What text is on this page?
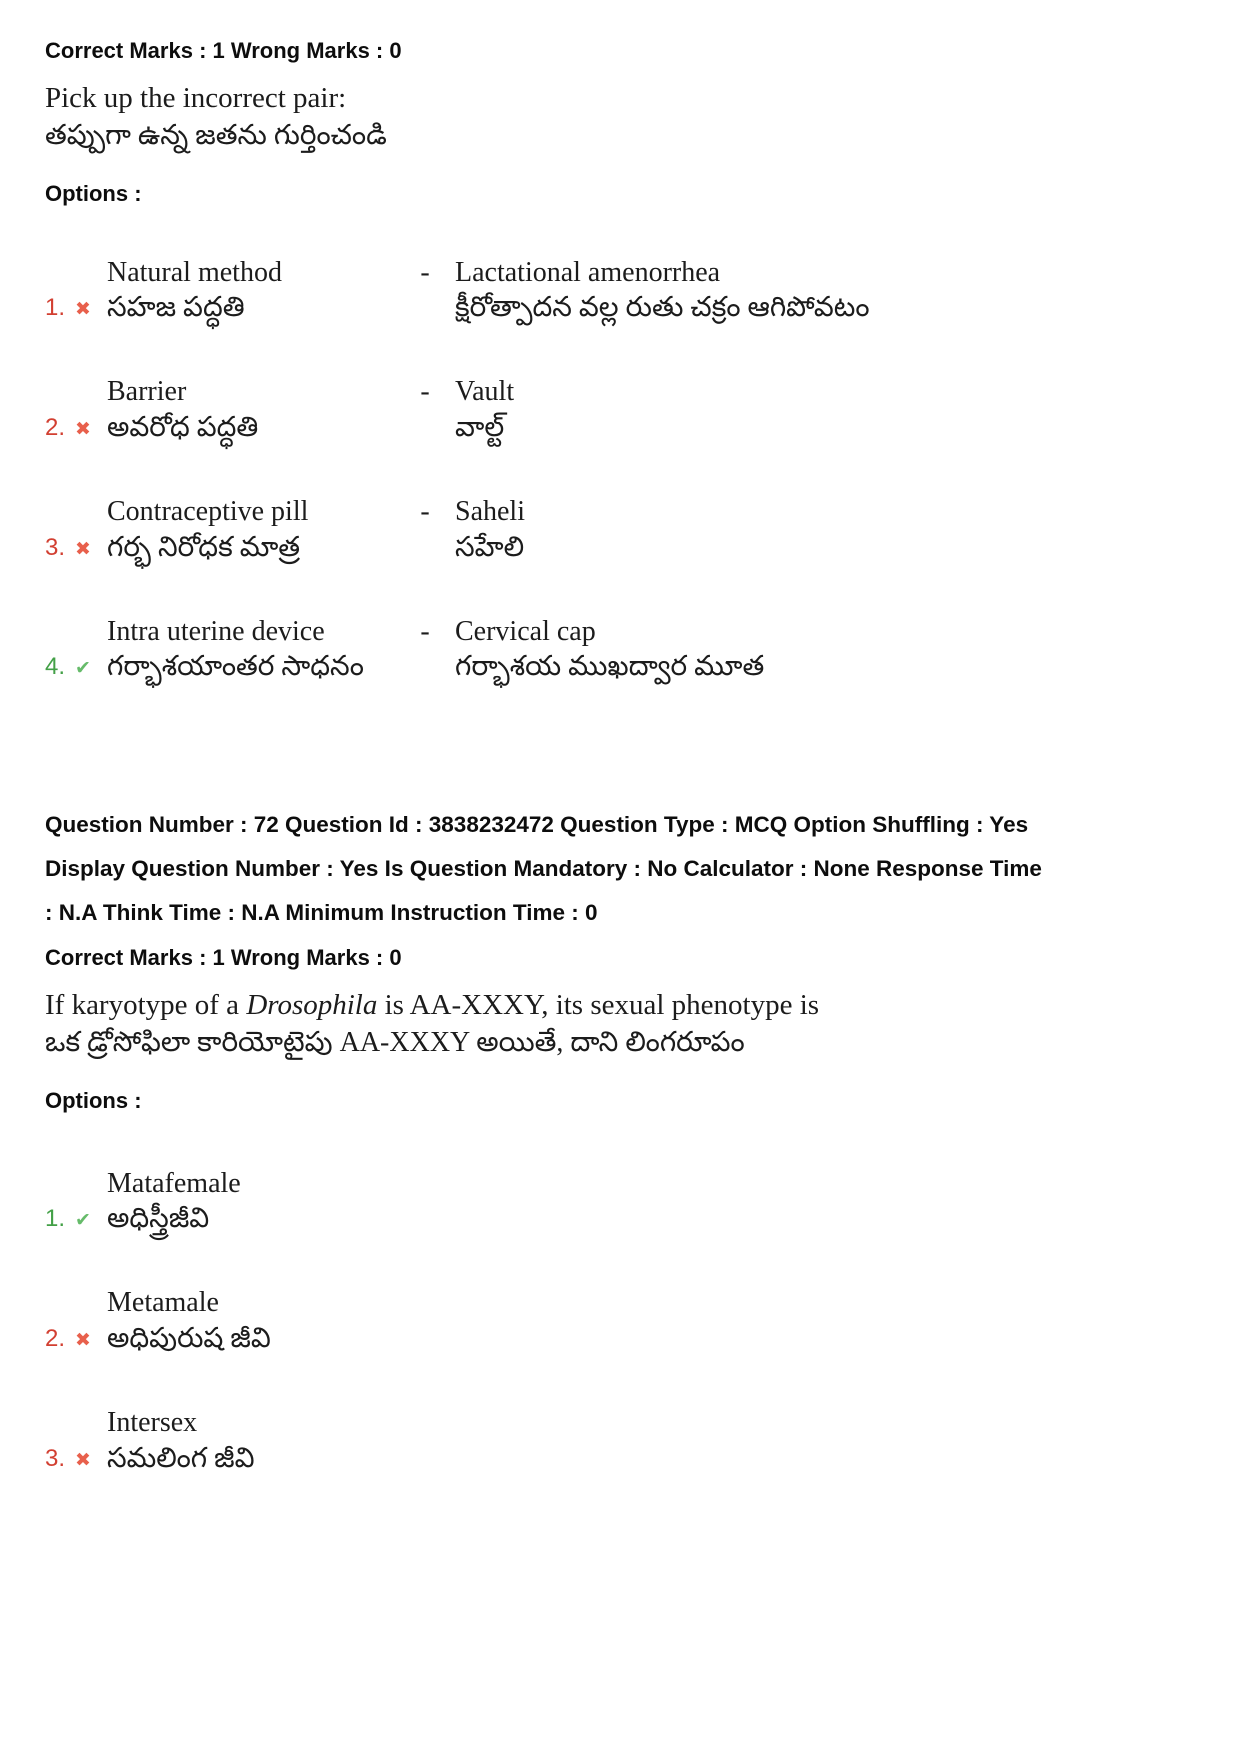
Correct Marks : 1 Wrong Marks : 0

Pick up the incorrect pair:

తప్పుగా ఉన్న జతను గుర్తించండి

Options :

1. ✖
Natural method	- Lactational amenorrhea
సహజ పద్ధతి	క్షీరోత్పాదన వల్ల రుతు చక్రం ఆగిపోవటం
2. ✖
Barrier	- Vault
అవరోధ పద్ధతి	వాల్ట్
3. ✖
Contraceptive pill	- Saheli
గర్భ నిరోధక మాత్ర	సహేలి
4. ✔
Intra uterine device	- Cervical cap
గర్భాశయాంతర సాధనం	గర్భాశయ ముఖద్వార మూత

Question Number : 72 Question Id : 3838232472 Question Type : MCQ Option Shuffling : Yes

Display Question Number : Yes Is Question Mandatory : No Calculator : None Response Time

: N.A Think Time : N.A Minimum Instruction Time : 0

Correct Marks : 1 Wrong Marks : 0

If karyotype of a Drosophila is AA-XXXY, its sexual phenotype is

ఒక డ్రోసోఫిలా కారియోటైపు AA-XXXY అయితే, దాని లింగరూపం

Options :

1. ✔
Matafemale
అధిస్త్రీజీవి
2. ✖
Metamale
అధిపురుష జీవి
3. ✖
Intersex
సమలింగ జీవి
